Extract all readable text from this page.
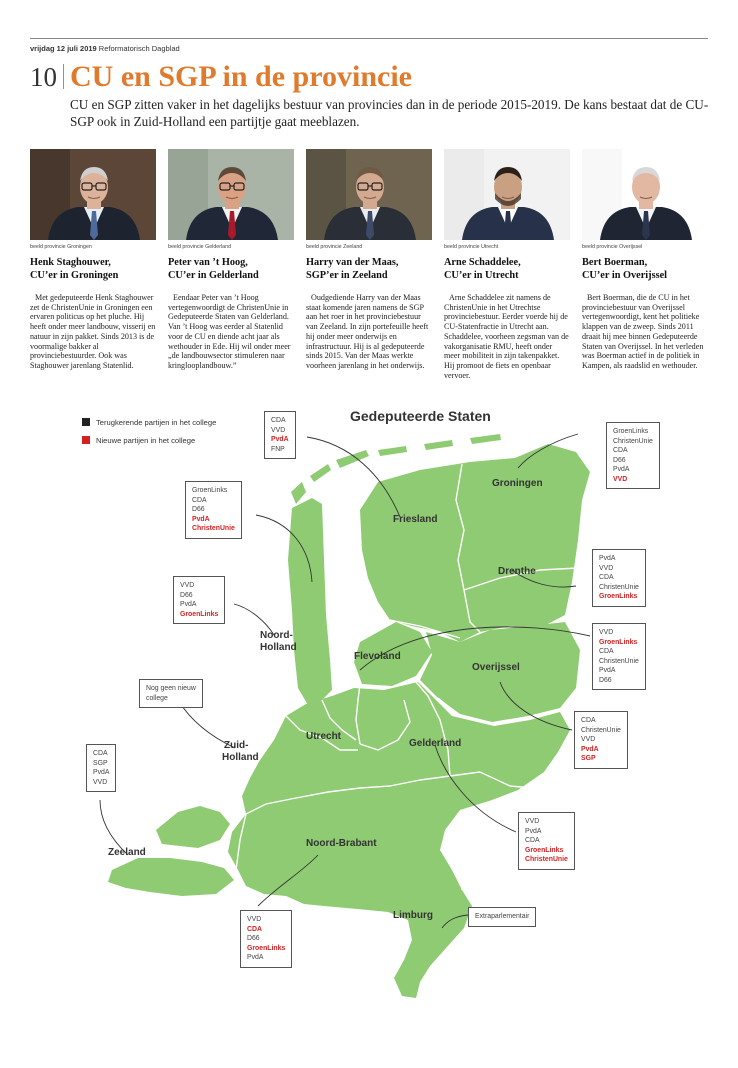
vrijdag 12 juli 2019 Reformatorisch Dagblad
10 CU en SGP in de provincie

CU en SGP zitten vaker in het dagelijks bestuur van provincies dan in de periode 2015-2019. De kans bestaat dat de CU-SGP ook in Zuid-Holland een partijtje gaat meeblazen.

beeld provincie Groningen
Henk Staghouwer,
CU’er in Groningen

Met gedeputeerde Henk Staghouwer zet de ChristenUnie in Groningen een ervaren politicus op het pluche. Hij heeft onder meer landbouw, visserij en natuur in zijn pakket. Sinds 2013 is de voormalige bakker al provinciebestuurder. Ook was Staghouwer jarenlang Statenlid.

beeld provincie Gelderland
Peter van ’t Hoog,
CU’er in Gelderland

Eendaar Peter van ’t Hoog vertegenwoordigt de ChristenUnie in Gedeputeerde Staten van Gelderland. Van ’t Hoog was eerder al Statenlid voor de CU en diende acht jaar als wethouder in Ede. Hij wil onder meer „de landbouwsector stimuleren naar kringlooplandbouw.”

beeld provincie Zeeland
Harry van der Maas,
SGP’er in Zeeland

Oudgediende Harry van der Maas staat komende jaren namens de SGP aan het roer in het provinciebestuur van Zeeland. In zijn portefeuille heeft hij onder meer onderwijs en infrastructuur. Hij is al gedeputeerde sinds 2015. Van der Maas werkte voorheen jarenlang in het onderwijs.

beeld provincie Utrecht
Arne Schaddelee,
CU’er in Utrecht

Arne Schaddelee zit namens de ChristenUnie in het Utrechtse provinciebestuur. Eerder voerde hij de CU-Statenfractie in Utrecht aan. Schaddelee, voorheen zegsman van de vakorganisatie RMU, heeft onder meer mobiliteit in zijn takenpakket. Hij promoot de fiets en openbaar vervoer.

beeld provincie Overijssel
Bert Boerman,
CU’er in Overijssel

Bert Boerman, die de CU in het provinciebestuur van Overijssel vertegenwoordigt, kent het politieke klappen van de zweep. Sinds 2011 draait hij mee binnen Gedeputeerde Staten van Overijssel. In het verleden was Boerman actief in de politiek in Kampen, als raadslid en wethouder.

Gedeputeerde Staten
Terugkerende partijen in het college
Nieuwe partijen in het college
Friesland
Groningen
Drenthe
Noord-
Holland
Flevoland
Overijssel
Utrecht
Zuid-
Holland
Gelderland
Zeeland
Noord-Brabant
Limburg
CDA
VVD
PvdA
FNP
GroenLinks
CDA
D66
PvdA
ChristenUnie
VVD
D66
PvdA
GroenLinks
Nog geen nieuw
college
CDA
SGP
PvdA
VVD
GroenLinks
ChristenUnie
CDA
D66
PvdA
VVD
PvdA
VVD
CDA
ChristenUnie
GroenLinks
VVD
GroenLinks
CDA
ChristenUnie
PvdA
D66
CDA
ChristenUnie
VVD
PvdA
SGP
VVD
PvdA
CDA
GroenLinks
ChristenUnie
VVD
CDA
D66
GroenLinks
PvdA
Extraparlementair
